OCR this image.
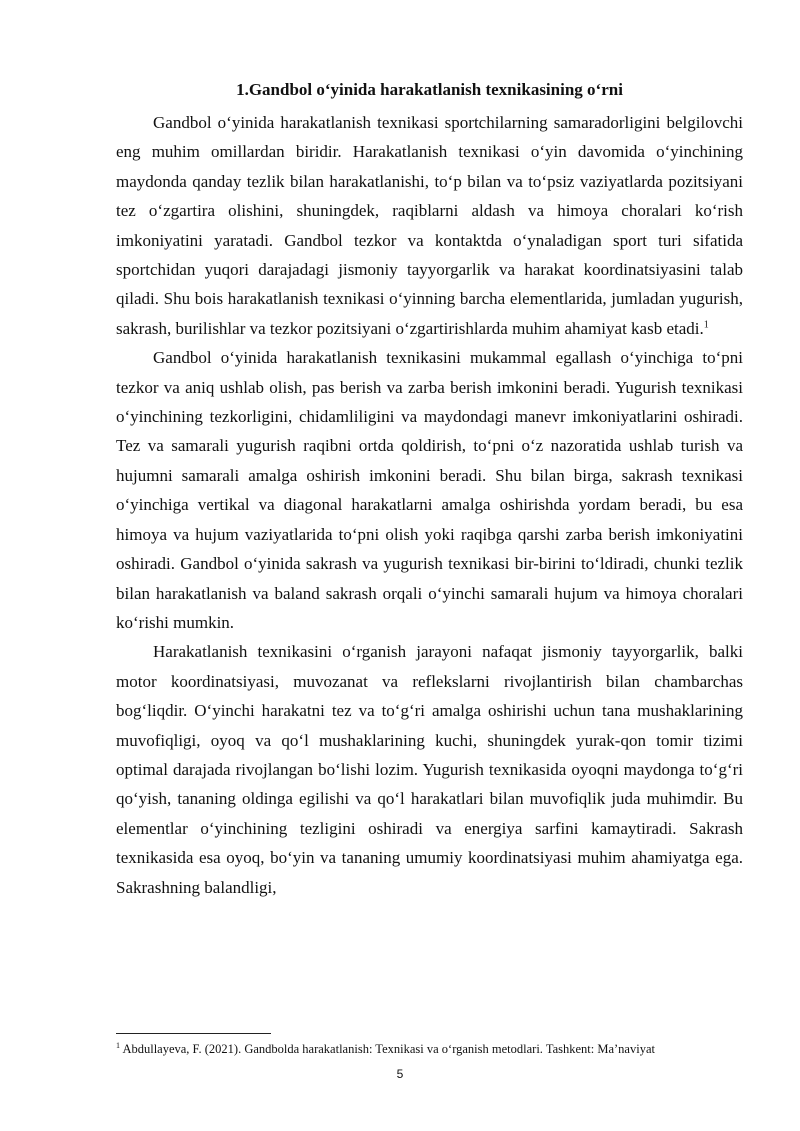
1.Gandbol o‘yinida harakatlanish texnikasining o‘rni

Gandbol o‘yinida harakatlanish texnikasi sportchilarning samaradorligini belgilovchi eng muhim omillardan biridir. Harakatlanish texnikasi o‘yin davomida o‘yinchining maydonda qanday tezlik bilan harakatlanishi, to‘p bilan va to‘psiz vaziyatlarda pozitsiyani tez o‘zgartira olishini, shuningdek, raqiblarni aldash va himoya choralari ko‘rish imkoniyatini yaratadi. Gandbol tezkor va kontaktda o‘ynaladigan sport turi sifatida sportchidan yuqori darajadagi jismoniy tayyorgarlik va harakat koordinatsiyasini talab qiladi. Shu bois harakatlanish texnikasi o‘yinning barcha elementlarida, jumladan yugurish, sakrash, burilishlar va tezkor pozitsiyani o‘zgartirishlarda muhim ahamiyat kasb etadi.$^1$

Gandbol o‘yinida harakatlanish texnikasini mukammal egallash o‘yinchiga to‘pni tezkor va aniq ushlab olish, pas berish va zarba berish imkonini beradi. Yugurish texnikasi o‘yinchining tezkorligini, chidamliligini va maydondagi manevr imkoniyatlarini oshiradi. Tez va samarali yugurish raqibni ortda qoldirish, to‘pni o‘z nazoratida ushlab turish va hujumni samarali amalga oshirish imkonini beradi. Shu bilan birga, sakrash texnikasi o‘yinchiga vertikal va diagonal harakatlarni amalga oshirishda yordam beradi, bu esa himoya va hujum vaziyatlarida to‘pni olish yoki raqibga qarshi zarba berish imkoniyatini oshiradi. Gandbol o‘yinida sakrash va yugurish texnikasi bir-birini to‘ldiradi, chunki tezlik bilan harakatlanish va baland sakrash orqali o‘yinchi samarali hujum va himoya choralari ko‘rishi mumkin.

Harakatlanish texnikasini o‘rganish jarayoni nafaqat jismoniy tayyorgarlik, balki motor koordinatsiyasi, muvozanat va reflekslarni rivojlantirish bilan chambarchas bog‘liqdir. O‘yinchi harakatni tez va to‘g‘ri amalga oshirishi uchun tana mushaklarining muvofiqligi, oyoq va qo‘l mushaklarining kuchi, shuningdek yurak-qon tomir tizimi optimal darajada rivojlangan bo‘lishi lozim. Yugurish texnikasida oyoqni maydonga to‘g‘ri qo‘yish, tananing oldinga egilishi va qo‘l harakatlari bilan muvofiqlik juda muhimdir. Bu elementlar o‘yinchining tezligini oshiradi va energiya sarfini kamaytiradi. Sakrash texnikasida esa oyoq, bo‘yin va tananing umumiy koordinatsiyasi muhim ahamiyatga ega. Sakrashning balandligi,

$^1$ Abdullayeva, F. (2021). Gandbolda harakatlanish: Texnikasi va o‘rganish metodlari. Tashkent: Ma’naviyat
5
